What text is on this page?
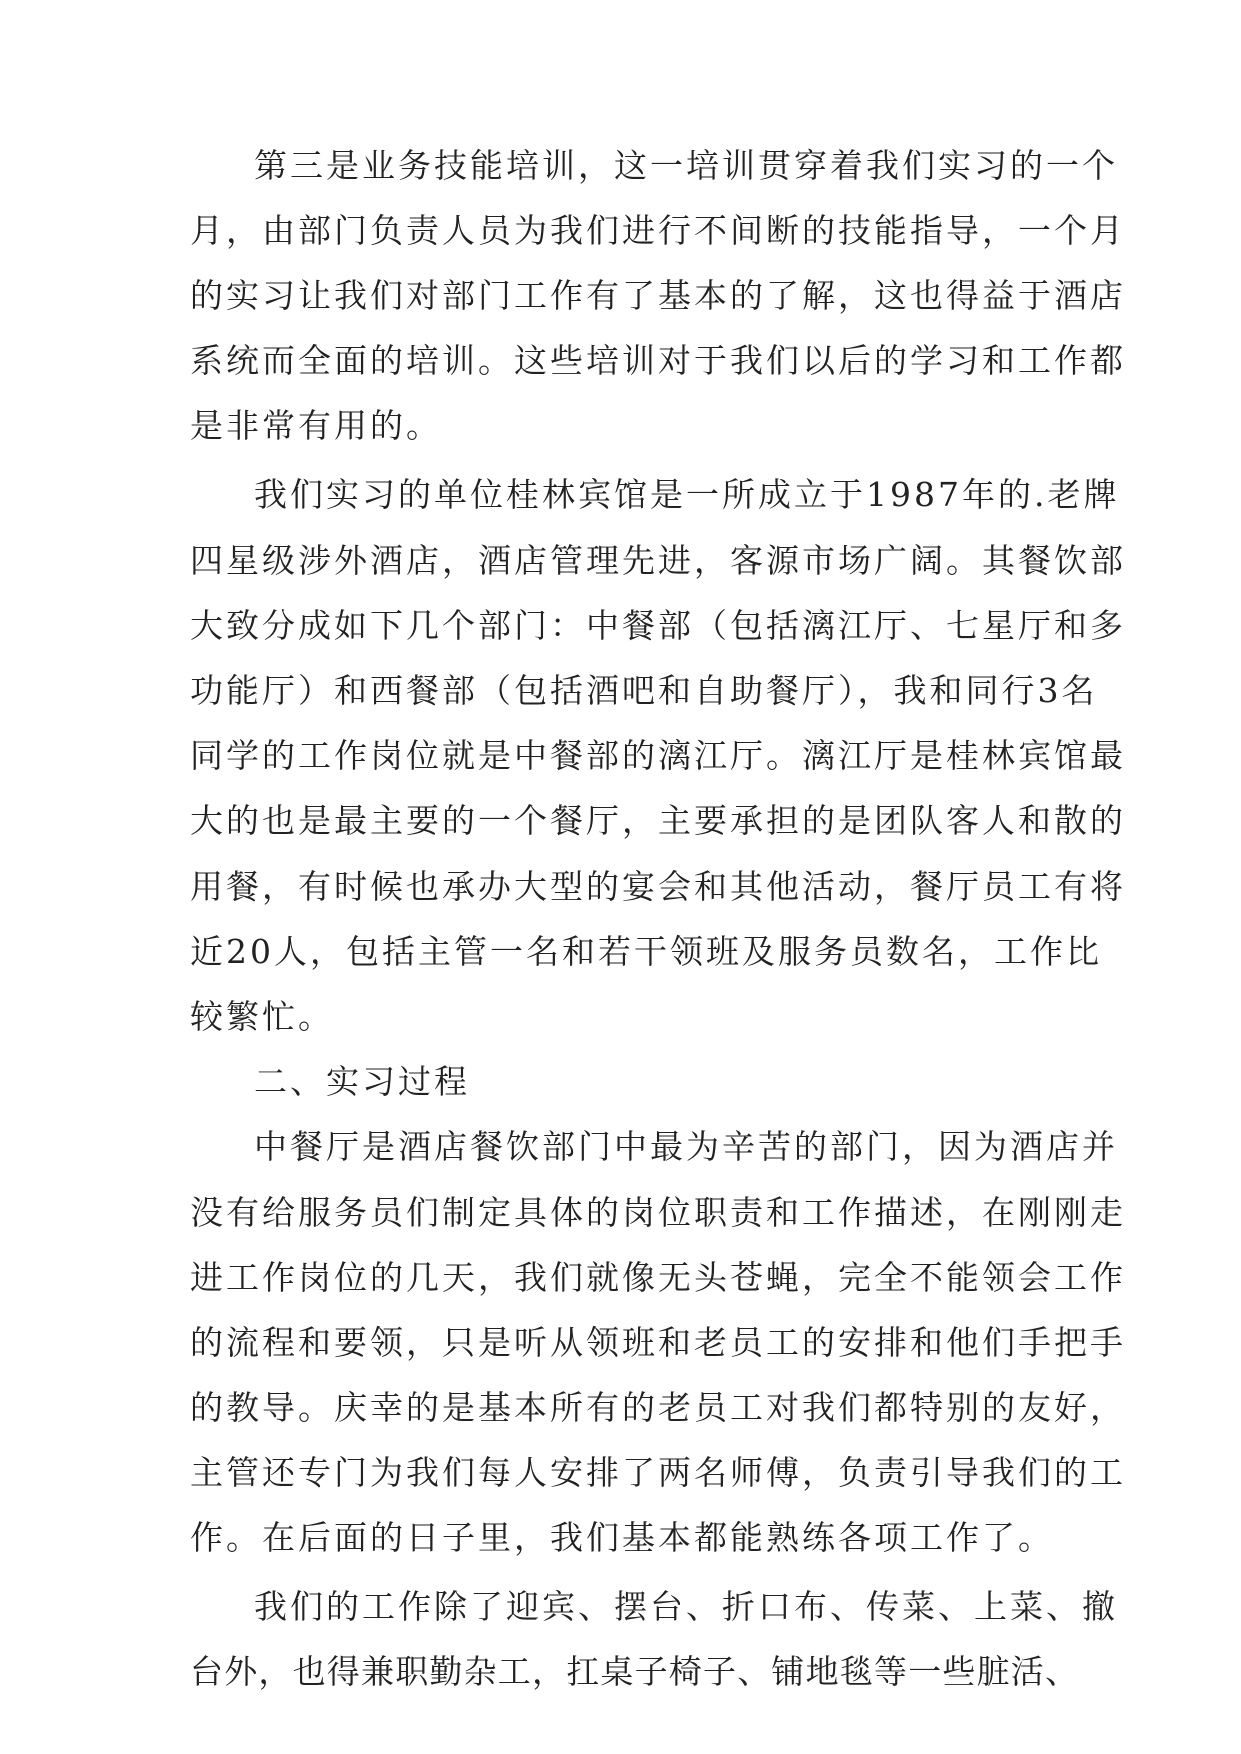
第三是业务技能培训，这一培训贯穿着我们实习的一个
月，由部门负责人员为我们进行不间断的技能指导，一个月
的实习让我们对部门工作有了基本的了解，这也得益于酒店
系统而全面的培训。这些培训对于我们以后的学习和工作都
是非常有用的。
我们实习的单位桂林宾馆是一所成立于1987年的.老牌
四星级涉外酒店，酒店管理先进，客源市场广阔。其餐饮部
大致分成如下几个部门：中餐部（包括漓江厅、七星厅和多
功能厅）和西餐部（包括酒吧和自助餐厅），我和同行3名
同学的工作岗位就是中餐部的漓江厅。漓江厅是桂林宾馆最
大的也是最主要的一个餐厅，主要承担的是团队客人和散的
用餐，有时候也承办大型的宴会和其他活动，餐厅员工有将
近20人，包括主管一名和若干领班及服务员数名，工作比
较繁忙。
二、实习过程
中餐厅是酒店餐饮部门中最为辛苦的部门，因为酒店并
没有给服务员们制定具体的岗位职责和工作描述，在刚刚走
进工作岗位的几天，我们就像无头苍蝇，完全不能领会工作
的流程和要领，只是听从领班和老员工的安排和他们手把手
的教导。庆幸的是基本所有的老员工对我们都特别的友好，
主管还专门为我们每人安排了两名师傅，负责引导我们的工
作。在后面的日子里，我们基本都能熟练各项工作了。
我们的工作除了迎宾、摆台、折口布、传菜、上菜、撤
台外，也得兼职勤杂工，扛桌子椅子、铺地毯等一些脏活、
